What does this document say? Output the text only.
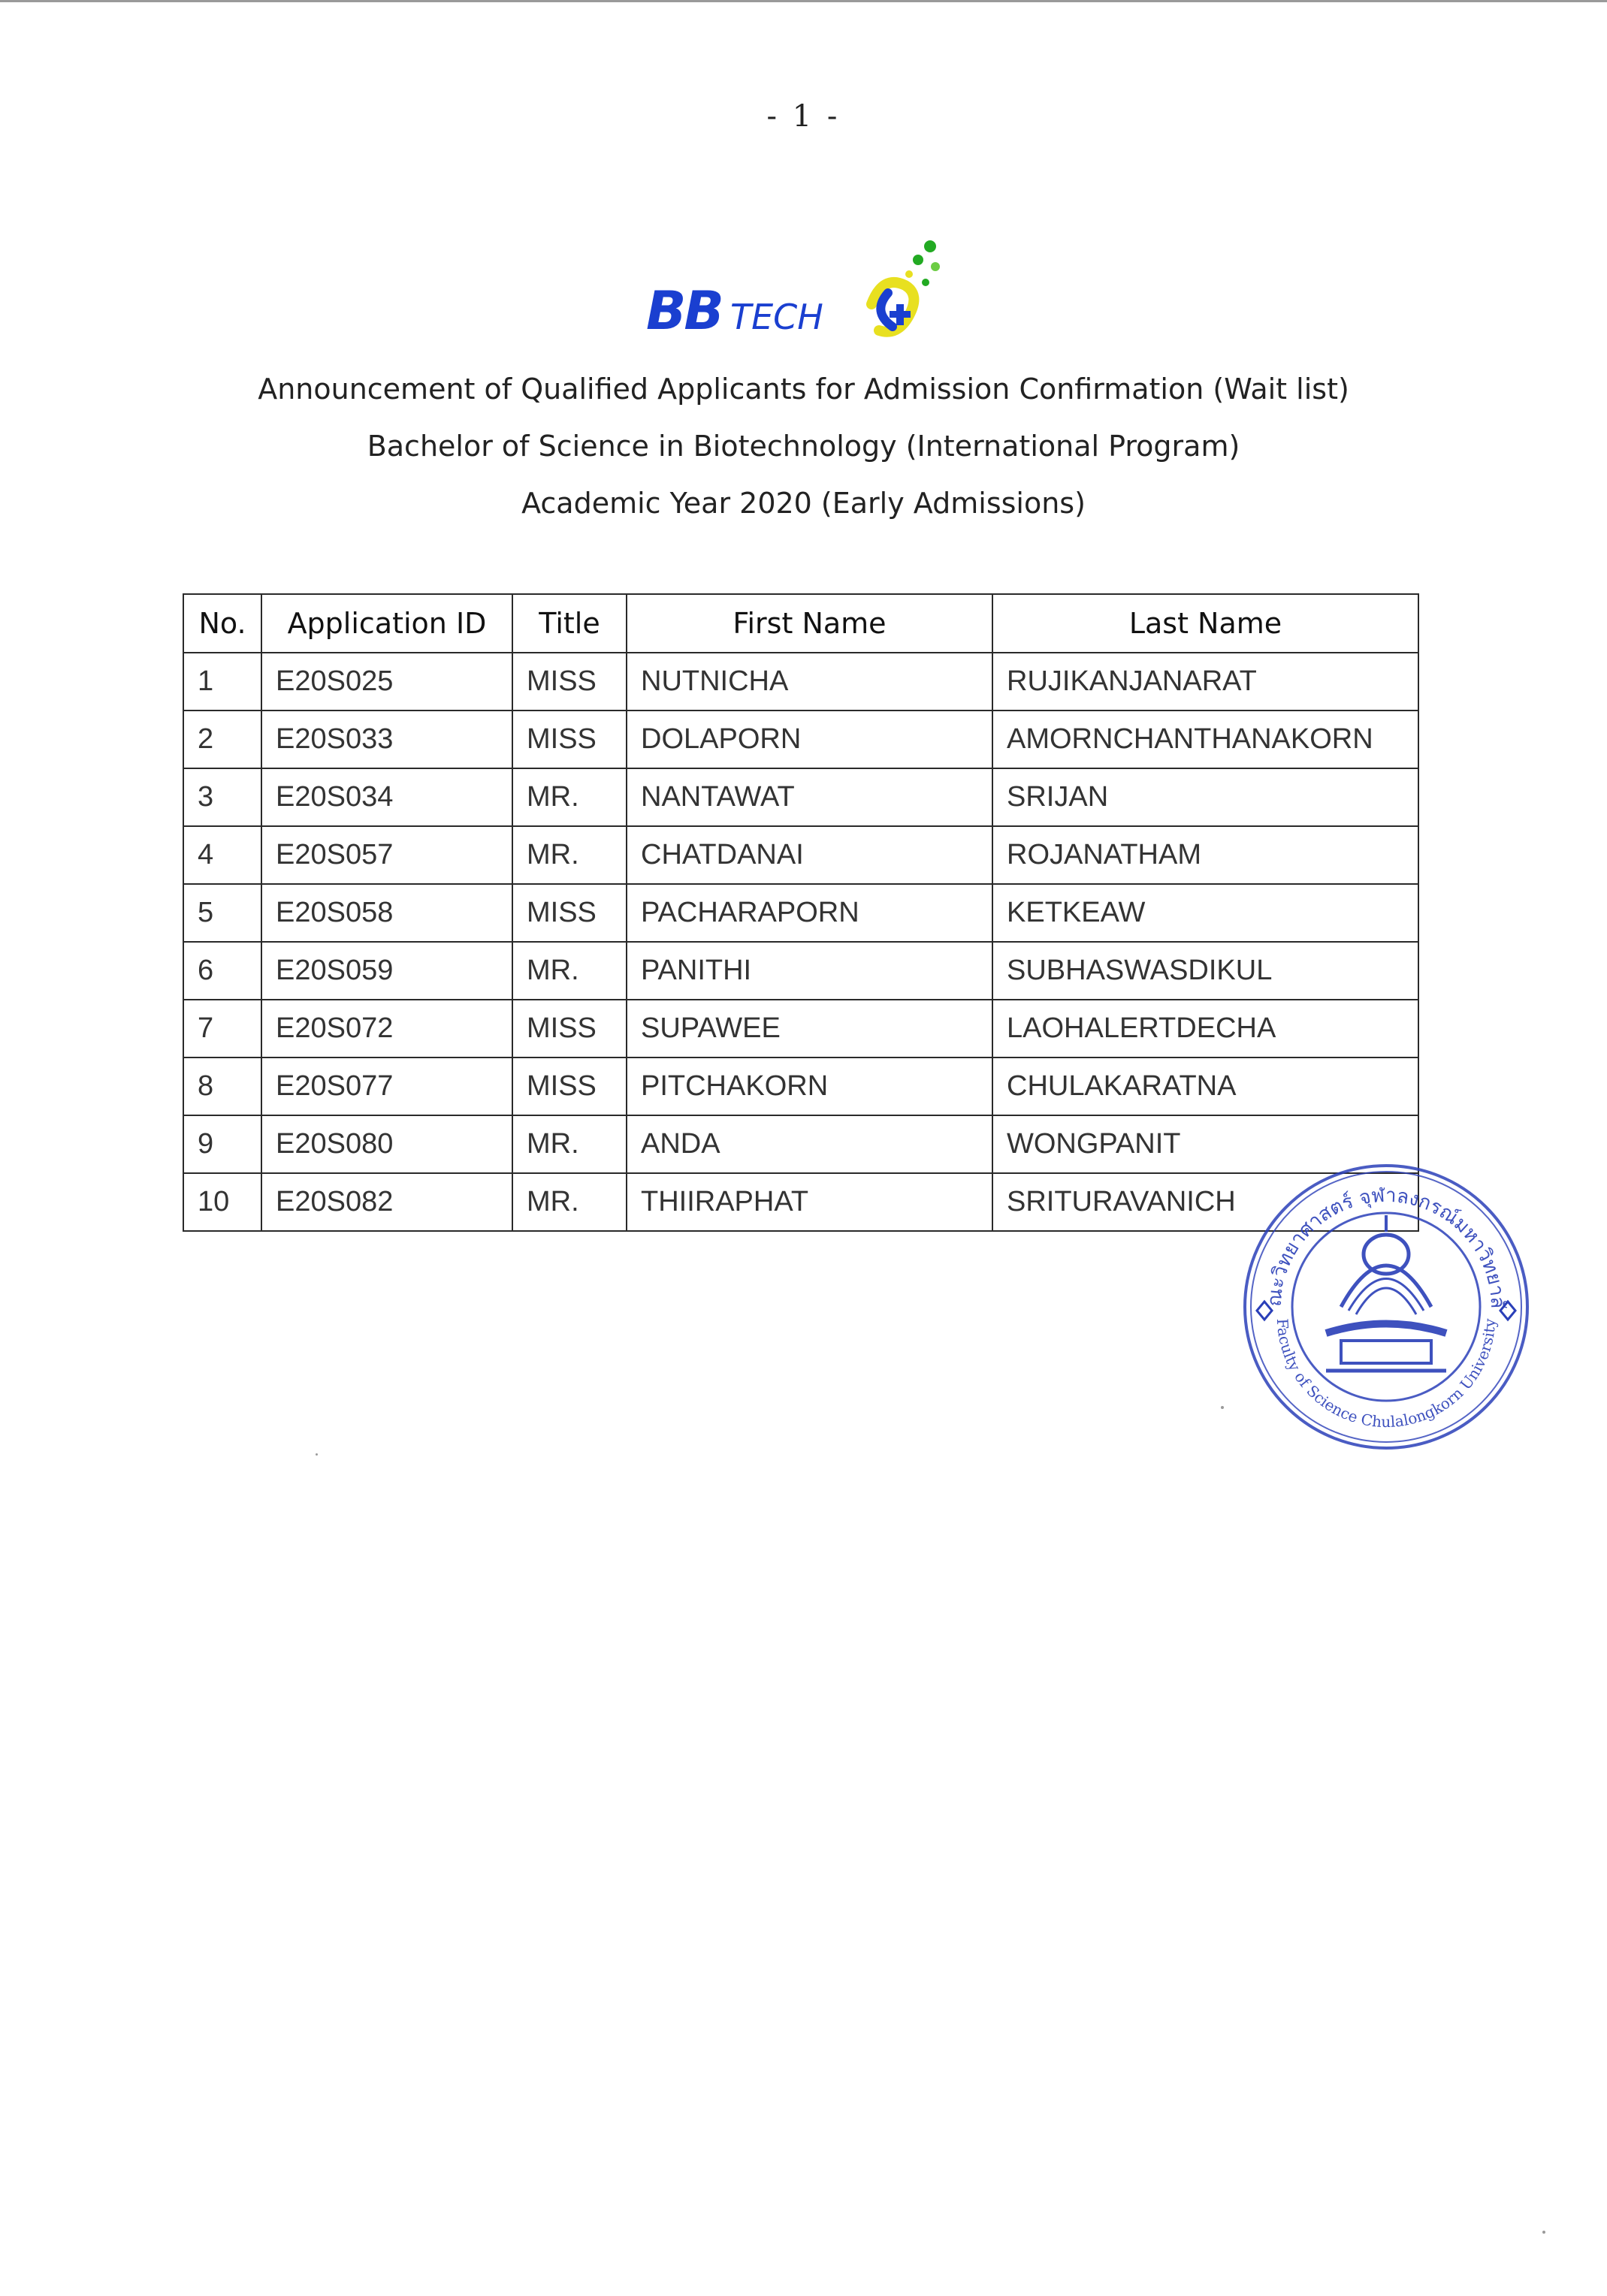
- 1 -
BB TECH
Announcement of Qualified Applicants for Admission Confirmation (Wait list)
Bachelor of Science in Biotechnology (International Program)
Academic Year 2020 (Early Admissions)
No.	Application ID	Title	First Name	Last Name
1	E20S025	MISS	NUTNICHA	RUJIKANJANARAT
2	E20S033	MISS	DOLAPORN	AMORNCHANTHANAKORN
3	E20S034	MR.	NANTAWAT	SRIJAN
4	E20S057	MR.	CHATDANAI	ROJANATHAM
5	E20S058	MISS	PACHARAPORN	KETKEAW
6	E20S059	MR.	PANITHI	SUBHASWASDIKUL
7	E20S072	MISS	SUPAWEE	LAOHALERTDECHA
8	E20S077	MISS	PITCHAKORN	CHULAKARATNA
9	E20S080	MR.	ANDA	WONGPANIT
10	E20S082	MR.	THIIRAPHAT	SRITURAVANICH
ณะวิทยาศาสตร์ จุฬาลงกรณ์มหาวิทยาลั
Faculty of Science Chulalongkorn University
